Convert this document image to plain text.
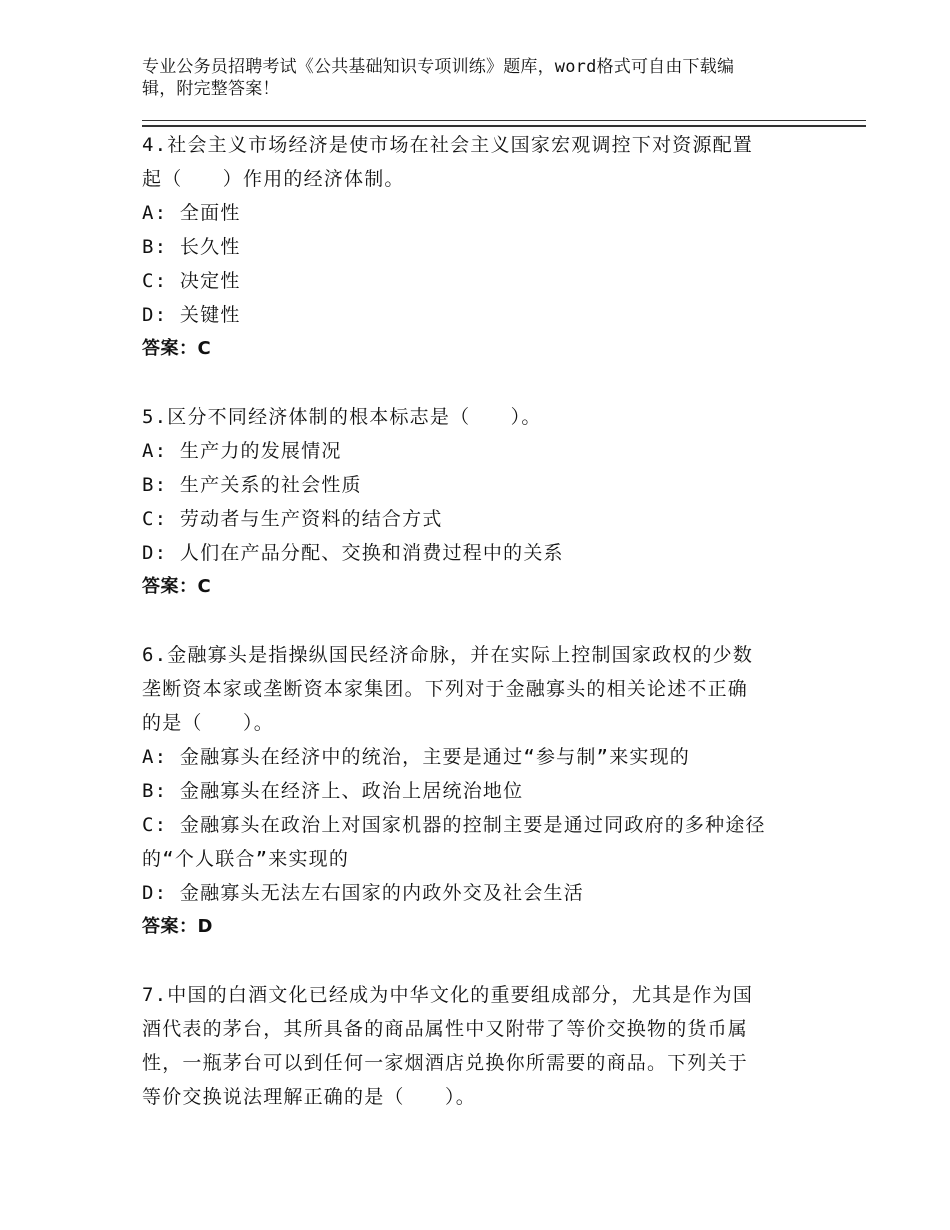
专业公务员招聘考试《公共基础知识专项训练》题库，word格式可自由下载编
辑，附完整答案！
4.社会主义市场经济是使市场在社会主义国家宏观调控下对资源配置
起（　　）作用的经济体制。
A: 全面性
B: 长久性
C: 决定性
D: 关键性
答案：C
5.区分不同经济体制的根本标志是（　　）。
A: 生产力的发展情况
B: 生产关系的社会性质
C: 劳动者与生产资料的结合方式
D: 人们在产品分配、交换和消费过程中的关系
答案：C
6.金融寡头是指操纵国民经济命脉，并在实际上控制国家政权的少数
垄断资本家或垄断资本家集团。下列对于金融寡头的相关论述不正确
的是（　　）。
A: 金融寡头在经济中的统治，主要是通过“参与制”来实现的
B: 金融寡头在经济上、政治上居统治地位
C: 金融寡头在政治上对国家机器的控制主要是通过同政府的多种途径
的“个人联合”来实现的
D: 金融寡头无法左右国家的内政外交及社会生活
答案：D
7.中国的白酒文化已经成为中华文化的重要组成部分，尤其是作为国
酒代表的茅台，其所具备的商品属性中又附带了等价交换物的货币属
性，一瓶茅台可以到任何一家烟酒店兑换你所需要的商品。下列关于
等价交换说法理解正确的是（　　）。
